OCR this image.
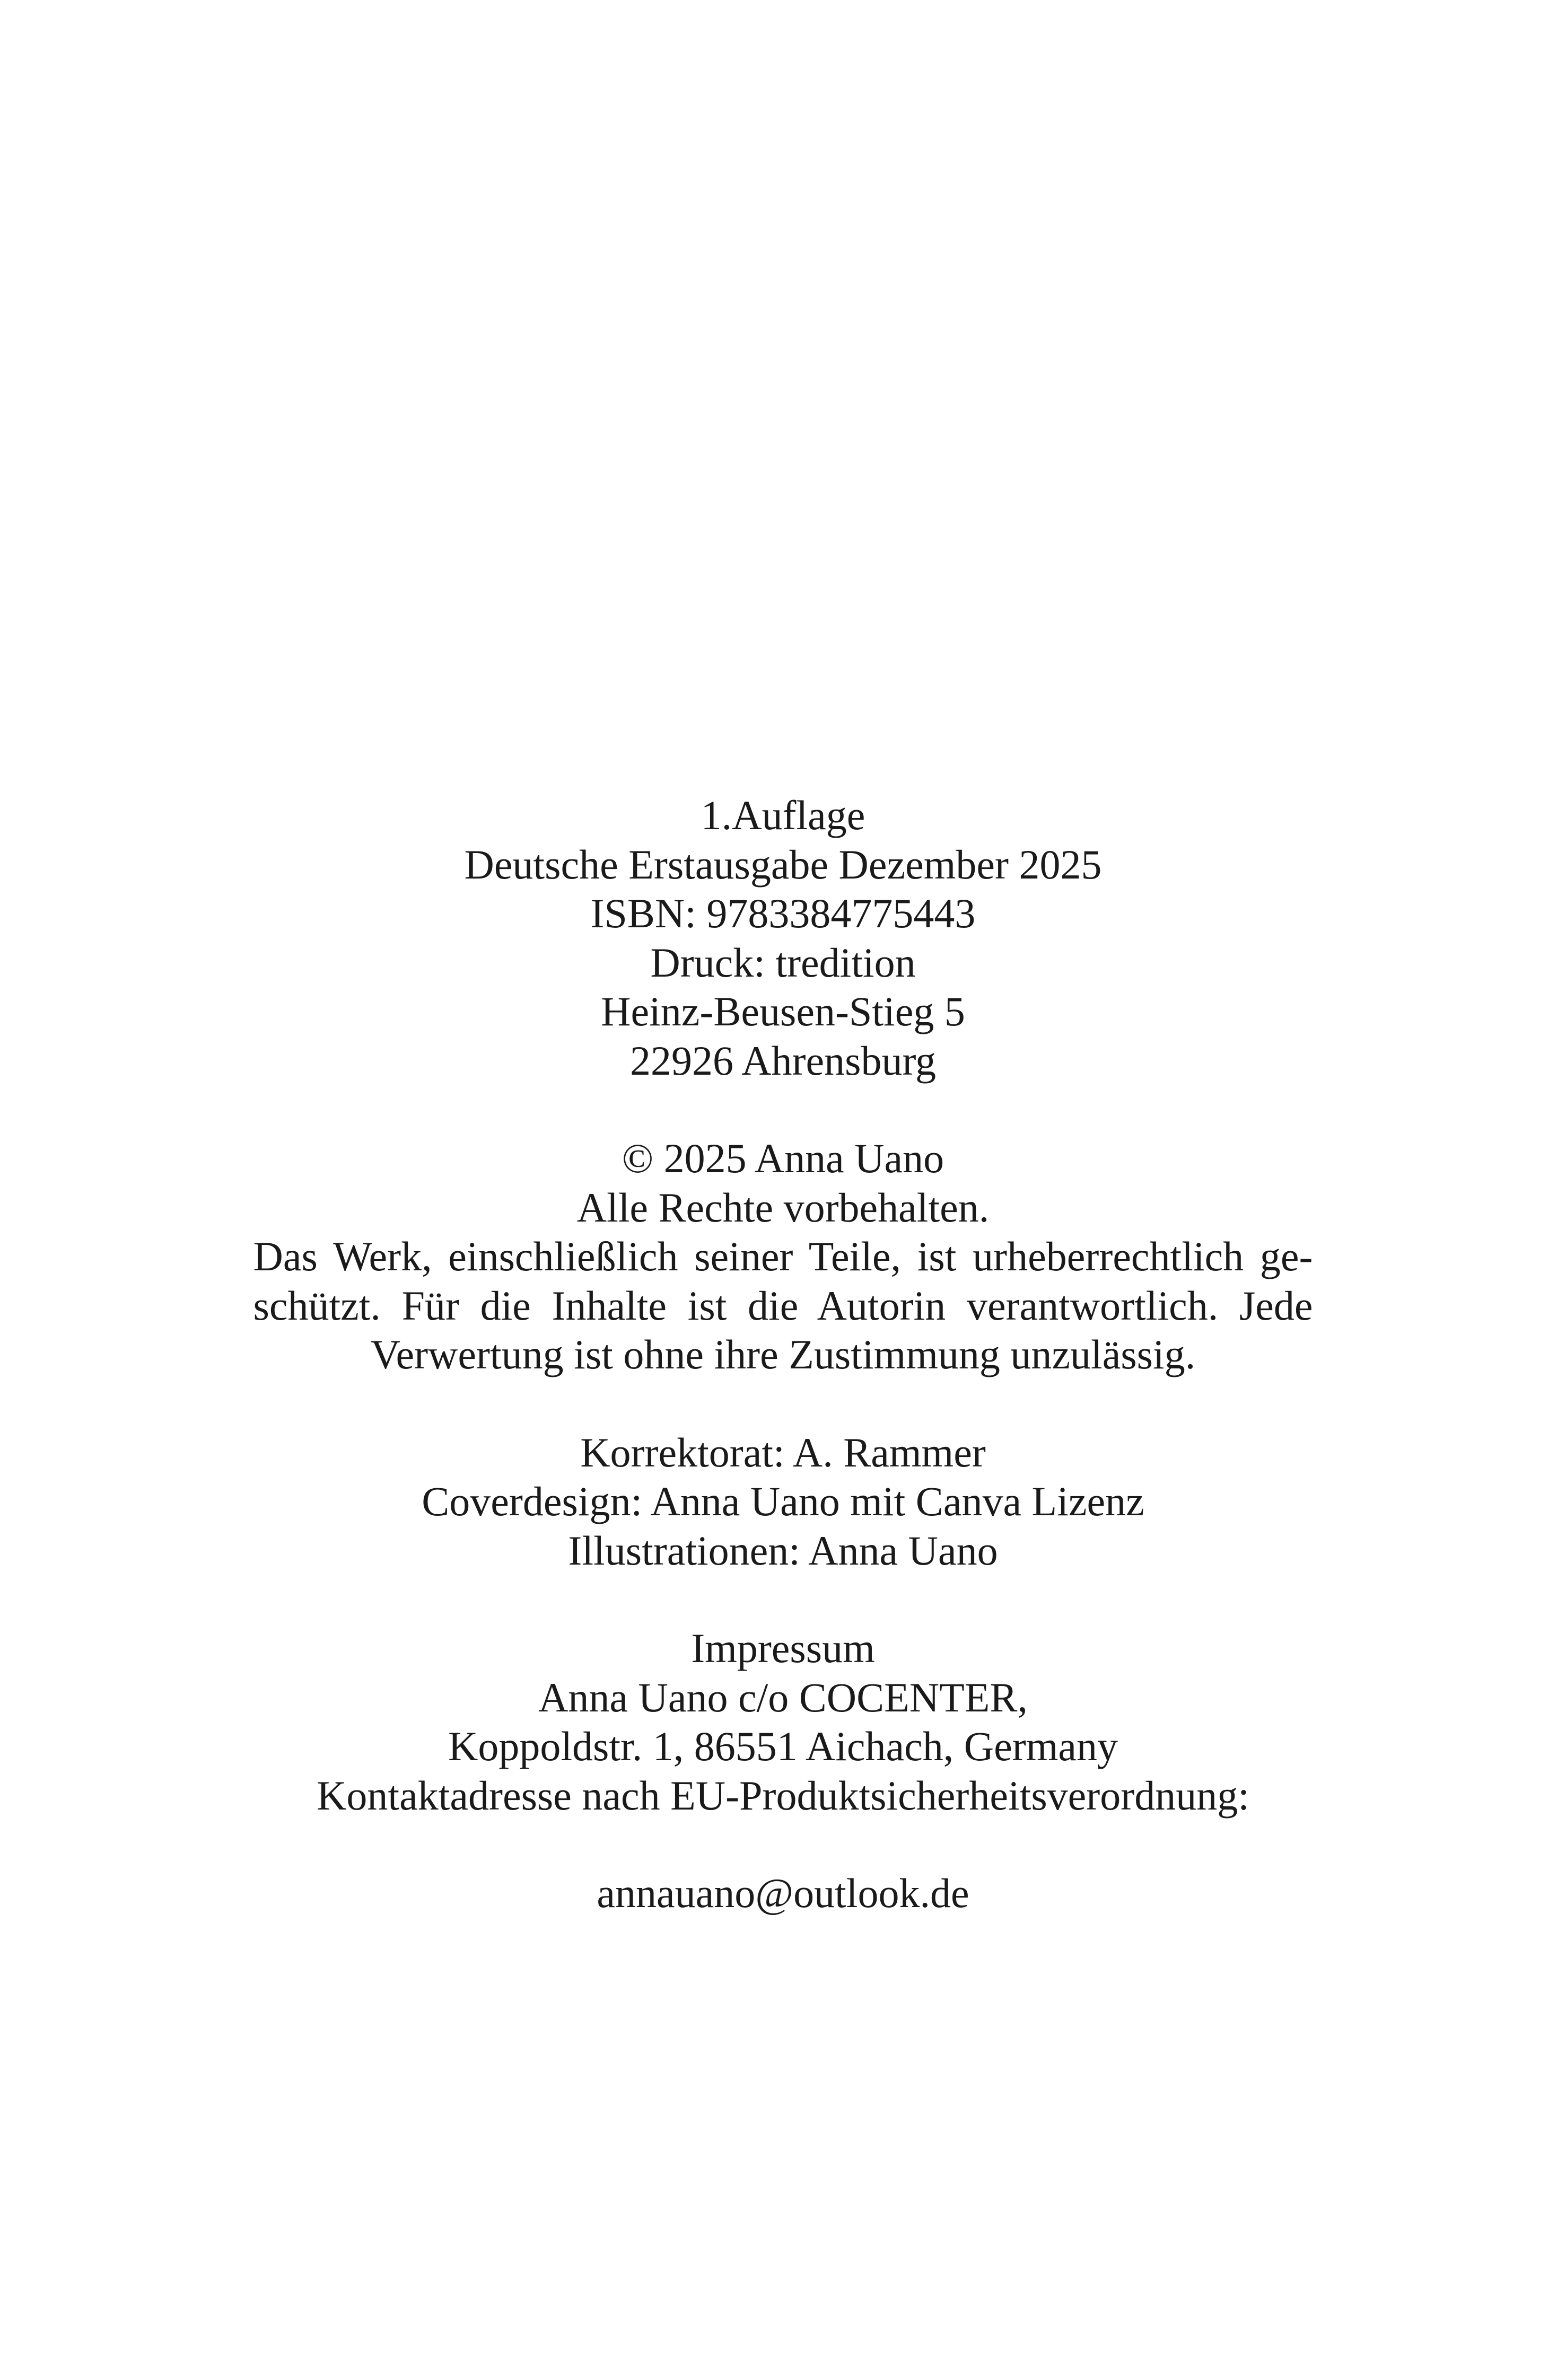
1.Auflage
Deutsche Erstausgabe Dezember 2025
ISBN: 9783384775443
Druck: tredition
Heinz-Beusen-Stieg 5
22926 Ahrensburg
© 2025 Anna Uano
Alle Rechte vorbehalten.
Das Werk, einschließlich seiner Teile, ist urheberrechtlich ge-
schützt. Für die Inhalte ist die Autorin verantwortlich. Jede
Verwertung ist ohne ihre Zustimmung unzulässig.
Korrektorat: A. Rammer
Coverdesign: Anna Uano mit Canva Lizenz
Illustrationen: Anna Uano
Impressum
Anna Uano c/o COCENTER,
Koppoldstr. 1, 86551 Aichach, Germany
Kontaktadresse nach EU-Produktsicherheitsverordnung:
annauano@outlook.de
